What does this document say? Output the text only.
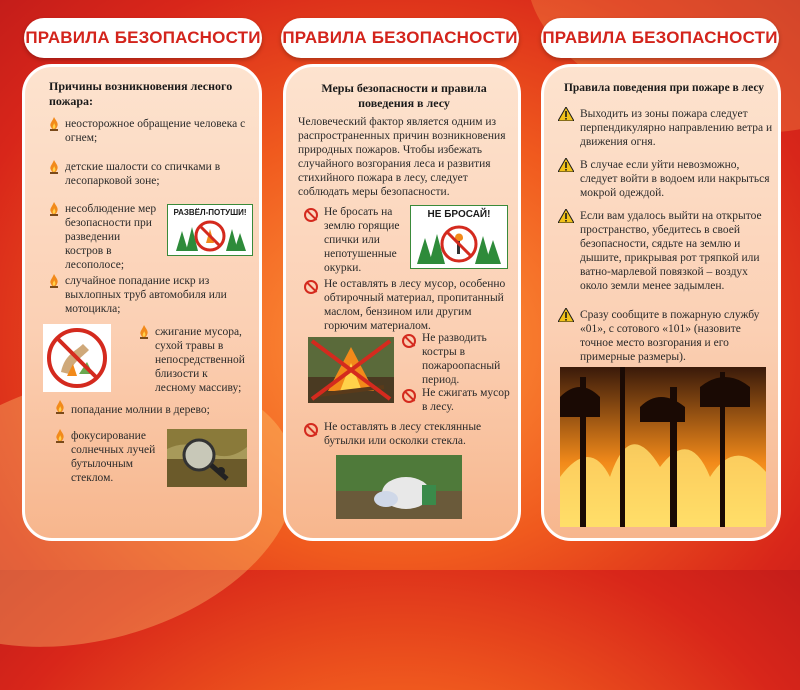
ПРАВИЛА БЕЗОПАСНОСТИ ПРАВИЛА БЕЗОПАСНОСТИ ПРАВИЛА БЕЗОПАСНОСТИ
Причины возникновения лесного пожара:

неосторожное обращение человека с огнем;

детские шалости со спичками в лесопарковой зоне;

несоблюдение мер безопасности при разведении костров в лесополосе;

РАЗВЁЛ-ПОТУШИ!

случайное попадание искр из выхлопных труб автомобиля или мотоцикла;

сжигание мусора, сухой травы в непосредственной близости к лесному массиву;

попадание молнии в дерево;

фокусирование солнечных лучей бутылочным стеклом.

Меры безопасности и правила поведения в лесу

Человеческий фактор является одним из распространенных причин возникновения природных пожаров. Чтобы избежать случайного возгорания леса и развития стихийного пожара в лесу, следует соблюдать меры безопасности.

Не бросать на землю горящие спички или непотушенные окурки.

НЕ БРОСАЙ!

Не оставлять в лесу мусор, особенно обтирочный материал, пропитанный маслом, бензином или другим горючим материалом.

Не разводить костры в пожароопасный период.

Не сжигать мусор в лесу.

Не оставлять в лесу стеклянные бутылки или осколки стекла.

Правила поведения при пожаре в лесу

Выходить из зоны пожара следует перпендикулярно направлению ветра и движения огня.

В случае если уйти невозможно, следует войти в водоем или накрыться мокрой одеждой.

Если вам удалось выйти на открытое пространство, убедитесь в своей безопасности, сядьте на землю и дышите, прикрывая рот тряпкой или ватно-марлевой повязкой – воздух около земли менее задымлен.

Сразу сообщите в пожарную службу «01», с сотового «101» (назовите точное место возгорания и его примерные размеры).
